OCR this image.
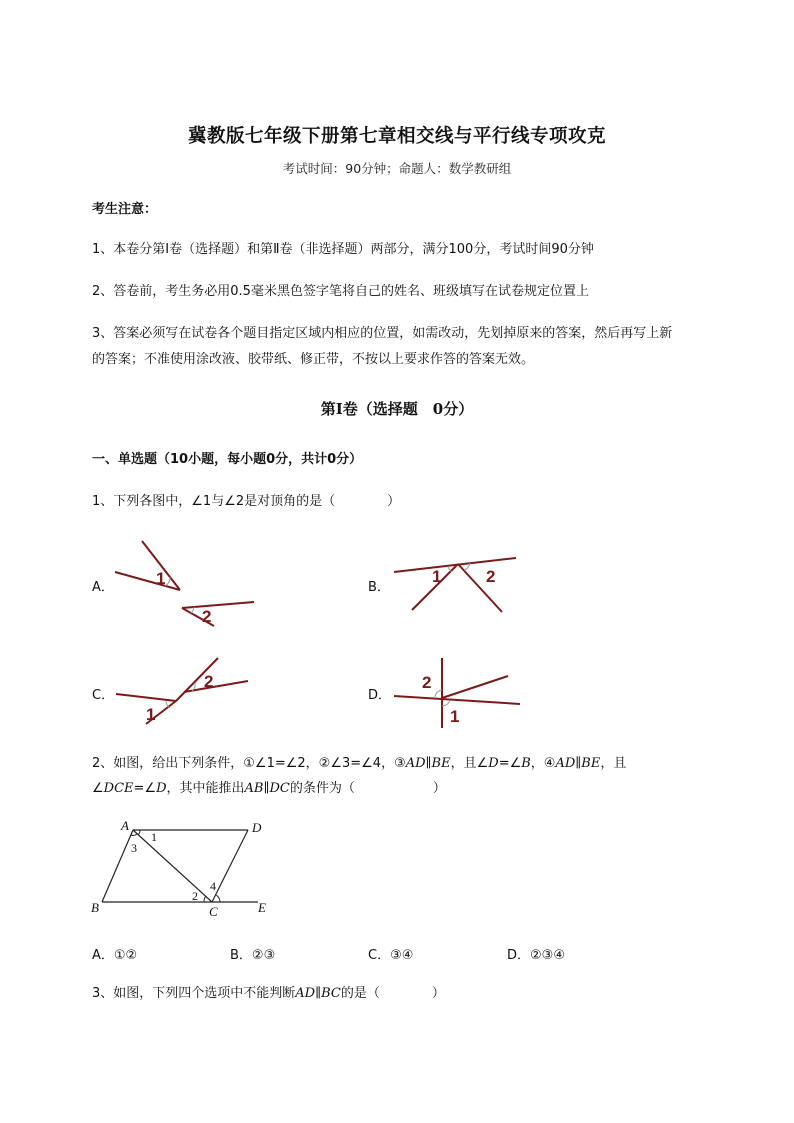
冀教版七年级下册第七章相交线与平行线专项攻克
考试时间：90分钟；命题人：数学教研组
考生注意：
1、本卷分第Ⅰ卷（选择题）和第Ⅱ卷（非选择题）两部分，满分100分，考试时间90分钟
2、答卷前，考生务必用0.5毫米黑色签字笔将自己的姓名、班级填写在试卷规定位置上
3、答案必须写在试卷各个题目指定区域内相应的位置，如需改动，先划掉原来的答案，然后再写上新
的答案；不准使用涂改液、胶带纸、修正带，不按以上要求作答的答案无效。
第Ⅰ卷（选择题　0分）
一、单选题（10小题，每小题0分，共计0分）
1、下列各图中，∠1与∠2是对顶角的是（　　　　）
A． 1
2
B．
1	2
C．
1
2
D．
2
1
2、如图，给出下列条件，①∠1=∠2，②∠3=∠4，③AD∥BE，且∠D=∠B，④AD∥BE，且
∠DCE=∠D，其中能推出AB∥DC的条件为（　　　　　　）
A	D
B	C	E
1
3
2
4
A．①②	B．②③	C．③④	D．②③④
3、如图，下列四个选项中不能判断AD∥BC的是（　　　　）
